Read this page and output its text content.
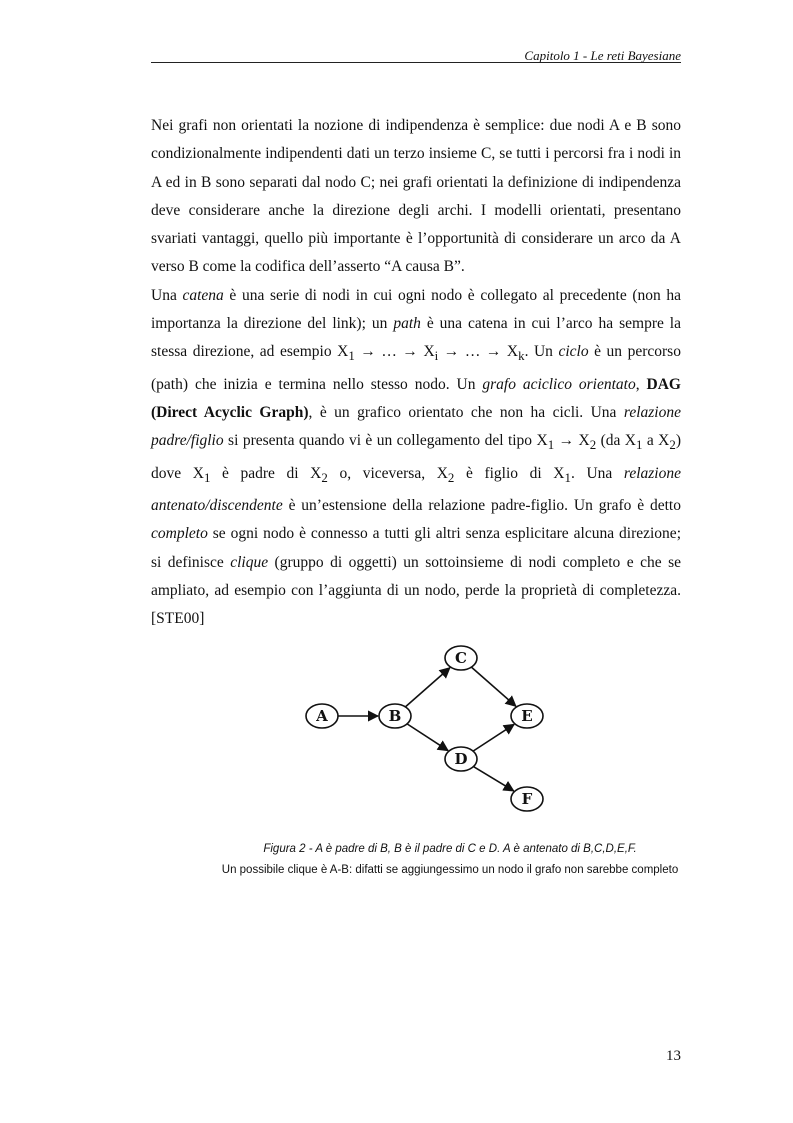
Capitolo 1 - Le reti Bayesiane

Nei grafi non orientati la nozione di indipendenza è semplice: due nodi A e B sono condizionalmente indipendenti dati un terzo insieme C, se tutti i percorsi fra i nodi in A ed in B sono separati dal nodo C; nei grafi orientati la definizione di indipendenza deve considerare anche la direzione degli archi. I modelli orientati, presentano svariati vantaggi, quello più importante è l’opportunità di considerare un arco da A verso B come la codifica dell’asserto “A causa B”.

Una catena è una serie di nodi in cui ogni nodo è collegato al precedente (non ha importanza la direzione del link); un path è una catena in cui l’arco ha sempre la stessa direzione, ad esempio $X_1$ → … → $X_i$ → … → $X_k$. Un ciclo è un percorso (path) che inizia e termina nello stesso nodo. Un grafo aciclico orientato, DAG (Direct Acyclic Graph), è un grafico orientato che non ha cicli. Una relazione padre/figlio si presenta quando vi è un collegamento del tipo $X_1 \to X_2$ (da $X_1$ a $X_2$) dove $X_1$ è padre di $X_2$ o, viceversa, $X_2$ è figlio di $X_1$. Una relazione antenato/discendente è un’estensione della relazione padre-figlio. Un grafo è detto completo se ogni nodo è connesso a tutti gli altri senza esplicitare alcuna direzione; si definisce clique (gruppo di oggetti) un sottoinsieme di nodi completo e che se ampliato, ad esempio con l’aggiunta di un nodo, perde la proprietà di completezza. [STE00]

A	B
C
D
E
F
Figura 2 - A è padre di B, B è il padre di C e D. A è antenato di B,C,D,E,F.
Un possibile clique è A-B: difatti se aggiungessimo un nodo il grafo non sarebbe completo
13
